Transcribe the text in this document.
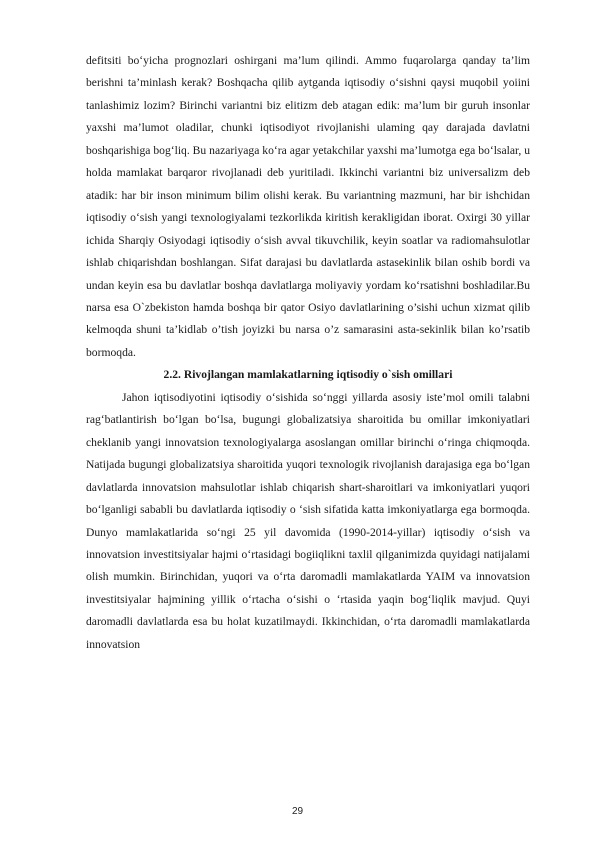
defitsiti bo‘yicha prognozlari oshirgani ma’lum qilindi. Ammo fuqarolarga qanday ta’lim berishni ta’minlash kerak? Boshqacha qilib aytganda iqtisodiy o‘sishni qaysi muqobil yoiini tanlashimiz lozim? Birinchi variantni biz elitizm deb atagan edik: ma’lum bir guruh insonlar yaxshi ma’lumot oladilar, chunki iqtisodiyot rivojlanishi ulaming qay darajada davlatni boshqarishiga bog‘liq. Bu nazariyaga ko‘ra agar yetakchilar yaxshi ma’lumotga ega bo‘lsalar, u holda mamlakat barqaror rivojlanadi deb yuritiladi. Ikkinchi variantni biz universalizm deb atadik: har bir inson minimum bilim olishi kerak. Bu variantning mazmuni, har bir ishchidan iqtisodiy o‘sish yangi texnologiyalami tezkorlikda kiritish kerakligidan iborat. Oxirgi 30 yillar ichida Sharqiy Osiyodagi iqtisodiy o‘sish avval tikuvchilik, keyin soatlar va radiomahsulotlar ishlab chiqarishdan boshlangan. Sifat darajasi bu davlatlarda astasekinlik bilan oshib bordi va undan keyin esa bu davlatlar boshqa davlatlarga moliyaviy yordam ko‘rsatishni boshladilar.Bu narsa esa O`zbekiston hamda boshqa bir qator Osiyo davlatlarining o’sishi uchun xizmat qilib kelmoqda shuni ta’kidlab o’tish joyizki bu narsa o’z samarasini asta-sekinlik bilan ko’rsatib bormoqda.

2.2. Rivojlangan mamlakatlarning iqtisodiy o`sish omillari

Jahon iqtisodiyotini iqtisodiy o‘sishida so‘nggi yillarda asosiy iste’mol omili talabni rag‘batlantirish bo‘lgan bo‘lsa, bugungi globalizatsiya sharoitida bu omillar imkoniyatlari cheklanib yangi innovatsion texnologiyalarga asoslangan omillar birinchi o‘ringa chiqmoqda. Natijada bugungi globalizatsiya sharoitida yuqori texnologik rivojlanish darajasiga ega bo‘lgan davlatlarda innovatsion mahsulotlar ishlab chiqarish shart-sharoitlari va imkoniyatlari yuqori bo‘lganligi sababli bu davlatlarda iqtisodiy o ‘sish sifatida katta imkoniyatlarga ega bormoqda. Dunyo mamlakatlarida so‘ngi 25 yil davomida (1990-2014-yillar) iqtisodiy o‘sish va innovatsion investitsiyalar hajmi o‘rtasidagi bogiiqlikni taxlil qilganimizda quyidagi natijalami olish mumkin. Birinchidan, yuqori va o‘rta daromadli mamlakatlarda YAIM va innovatsion investitsiyalar hajmining yillik o‘rtacha o‘sishi o ‘rtasida yaqin bog‘liqlik mavjud. Quyi daromadli davlatlarda esa bu holat kuzatilmaydi. Ikkinchidan, o‘rta daromadli mamlakatlarda innovatsion

29
